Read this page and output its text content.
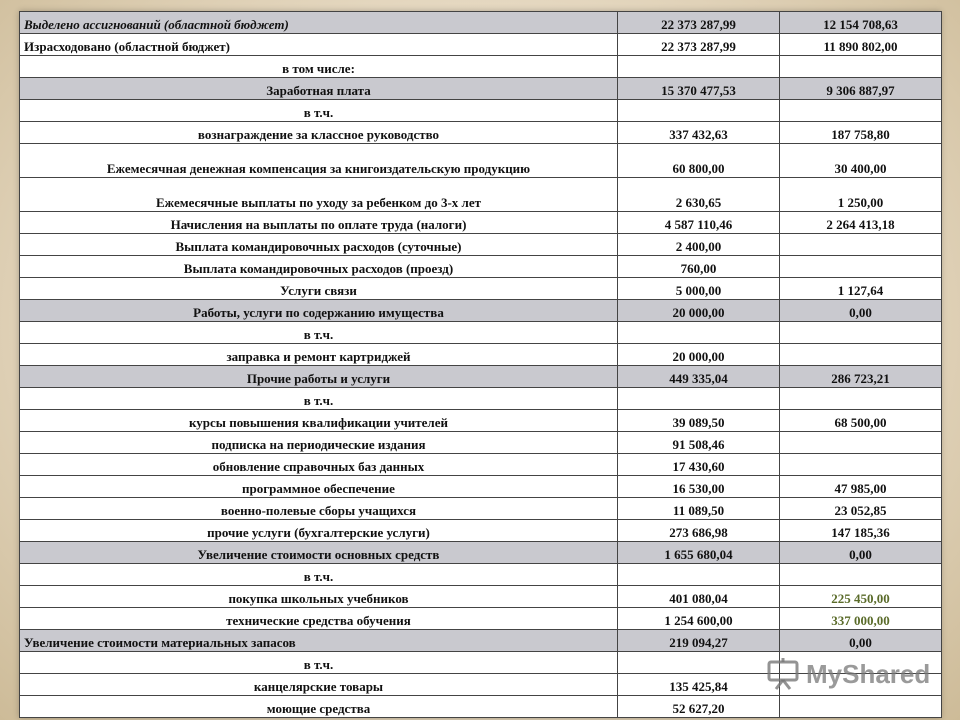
Выделено ассигнований (областной бюджет)	22 373 287,99	12 154 708,63
Израсходовано (областной бюджет)	22 373 287,99	11 890 802,00
в том числе:		
Заработная плата	15 370 477,53	9 306 887,97
в т.ч.		
вознаграждение за классное руководство	337 432,63	187 758,80
Ежемесячная денежная компенсация за книгоиздательскую продукцию	60 800,00	30 400,00
Ежемесячные выплаты по уходу за ребенком до 3-х лет	2 630,65	1 250,00
Начисления на выплаты по оплате труда (налоги)	4 587 110,46	2 264 413,18
Выплата командировочных расходов (суточные)	2 400,00	
Выплата командировочных расходов (проезд)	760,00	
Услуги связи	5 000,00	1 127,64
Работы, услуги по содержанию имущества	20 000,00	0,00
в т.ч.		
заправка и ремонт картриджей	20 000,00	
Прочие работы и услуги	449 335,04	286 723,21
в т.ч.		
курсы повышения квалификации учителей	39 089,50	68 500,00
подписка на периодические издания	91 508,46	
обновление справочных баз данных	17 430,60	
программное обеспечение	16 530,00	47 985,00
военно-полевые сборы учащихся	11 089,50	23 052,85
прочие услуги (бухгалтерские услуги)	273 686,98	147 185,36
Увеличение стоимости основных средств	1 655 680,04	0,00
в т.ч.		
покупка школьных учебников	401 080,04	225 450,00
технические средства обучения	1 254 600,00	337 000,00
Увеличение стоимости материальных запасов	219 094,27	0,00
в т.ч.		
канцелярские товары	135 425,84	
моющие средства	52 627,20	
MyShared
